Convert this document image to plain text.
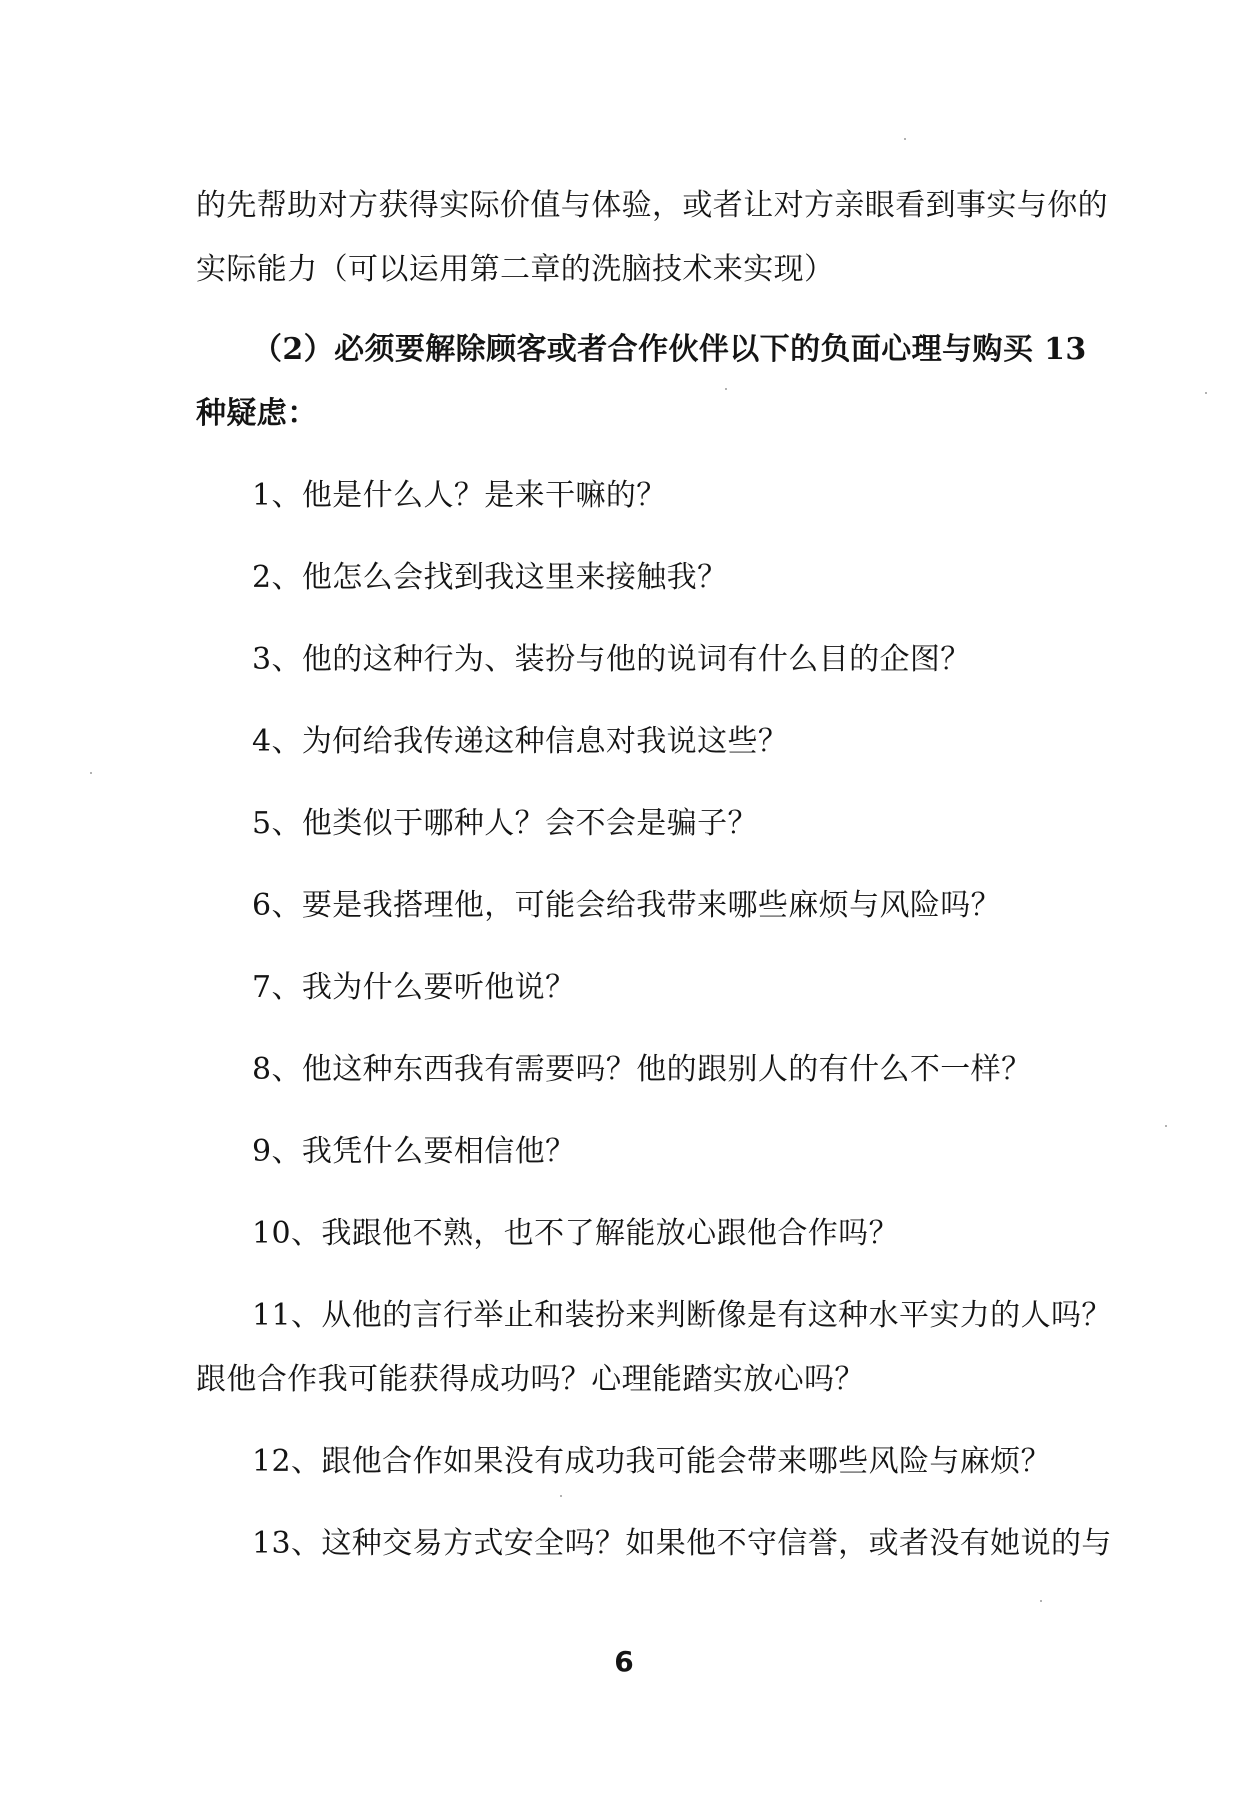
的先帮助对方获得实际价值与体验，或者让对方亲眼看到事实与你的
实际能力（可以运用第二章的洗脑技术来实现）
（2）必须要解除顾客或者合作伙伴以下的负面心理与购买 13
种疑虑：
1、他是什么人？是来干嘛的？
2、他怎么会找到我这里来接触我？
3、他的这种行为、装扮与他的说词有什么目的企图？
4、为何给我传递这种信息对我说这些？
5、他类似于哪种人？会不会是骗子？
6、要是我搭理他，可能会给我带来哪些麻烦与风险吗？
7、我为什么要听他说？
8、他这种东西我有需要吗？他的跟别人的有什么不一样？
9、我凭什么要相信他？
10、我跟他不熟，也不了解能放心跟他合作吗？
11、从他的言行举止和装扮来判断像是有这种水平实力的人吗？
跟他合作我可能获得成功吗？心理能踏实放心吗？
12、跟他合作如果没有成功我可能会带来哪些风险与麻烦？
13、这种交易方式安全吗？如果他不守信誉，或者没有她说的与
6
